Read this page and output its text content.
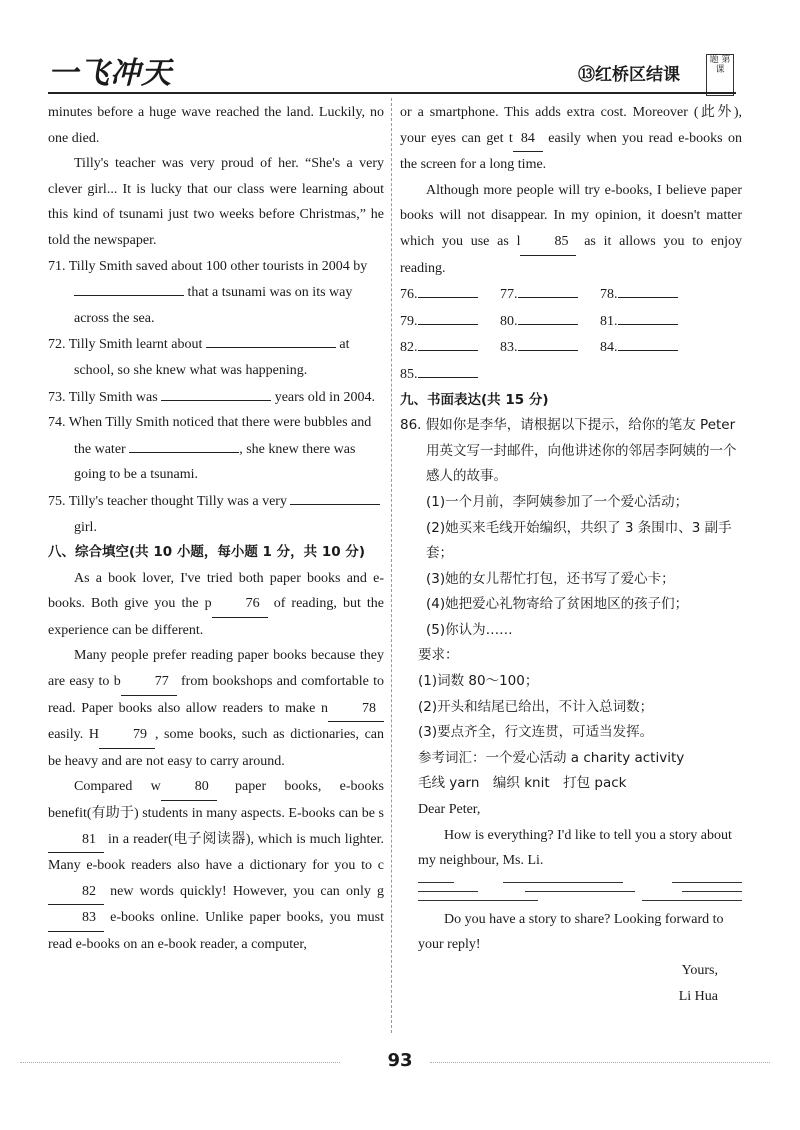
一飞冲天	⑬红桥区结课
题 第 课

minutes before a huge wave reached the land. Luckily, no one died.

Tilly's teacher was very proud of her. “She's a very clever girl... It is lucky that our class were learning about this kind of tsunami just two weeks before Christmas,” he told the newspaper.

71. Tilly Smith saved about 100 other tourists in 2004 by  that a tsunami was on its way across the sea.

72. Tilly Smith learnt about	at school, so she knew what was happening.

73. Tilly Smith was	years old in 2004.

74. When Tilly Smith noticed that there were bubbles and the water	, she knew there was going to be a tsunami.

75. Tilly's teacher thought Tilly was a very  girl.

八、综合填空(共 10 小题，每小题 1 分，共 10 分)

As a book lover, I've tried both paper books and e-books. Both give you the p 76 of reading, but the experience can be different.

Many people prefer reading paper books because they are easy to b 77 from bookshops and comfortable to read. Paper books also allow readers to make n 78 easily. H 79 , some books, such as dictionaries, can be heavy and are not easy to carry around.

Compared w 80 paper books, e-books benefit(有助于) students in many aspects. E-books can be s81 in a reader(电子阅读器), which is much lighter. Many e-book readers also have a dictionary for you to c82 new words quickly! However, you can only g83 e-books online. Unlike paper books, you must read e-books on an e-book reader, a computer,

or a smartphone. This adds extra cost. Moreover (此外), your eyes can get t 84 easily when you read e-books on the screen for a long time.

Although more people will try e-books, I believe paper books will not disappear. In my opinion, it doesn't matter which you use as l 85 as it allows you to enjoy reading.

76.	77.	78.
79.	80.	81.
82.	83.	84.
85.

九、书面表达(共 15 分)

86. 假如你是李华，请根据以下提示，给你的笔友 Peter 用英文写一封邮件，向他讲述你的邻居李阿姨的一个感人的故事。

(1)一个月前，李阿姨参加了一个爱心活动；

(2)她买来毛线开始编织，共织了 3 条围巾、3 副手套；

(3)她的女儿帮忙打包，还书写了爱心卡；

(4)她把爱心礼物寄给了贫困地区的孩子们；

(5)你认为……

要求：

(1)词数 80～100；

(2)开头和结尾已给出，不计入总词数；

(3)要点齐全，行文连贯，可适当发挥。

参考词汇：一个爱心活动 a charity activity

毛线 yarn　编织 knit　打包 pack

Dear Peter,

How is everything? I'd like to tell you a story about my neighbour, Ms. Li.

Do you have a story to share? Looking forward to your reply!

Yours,

Li Hua

93
